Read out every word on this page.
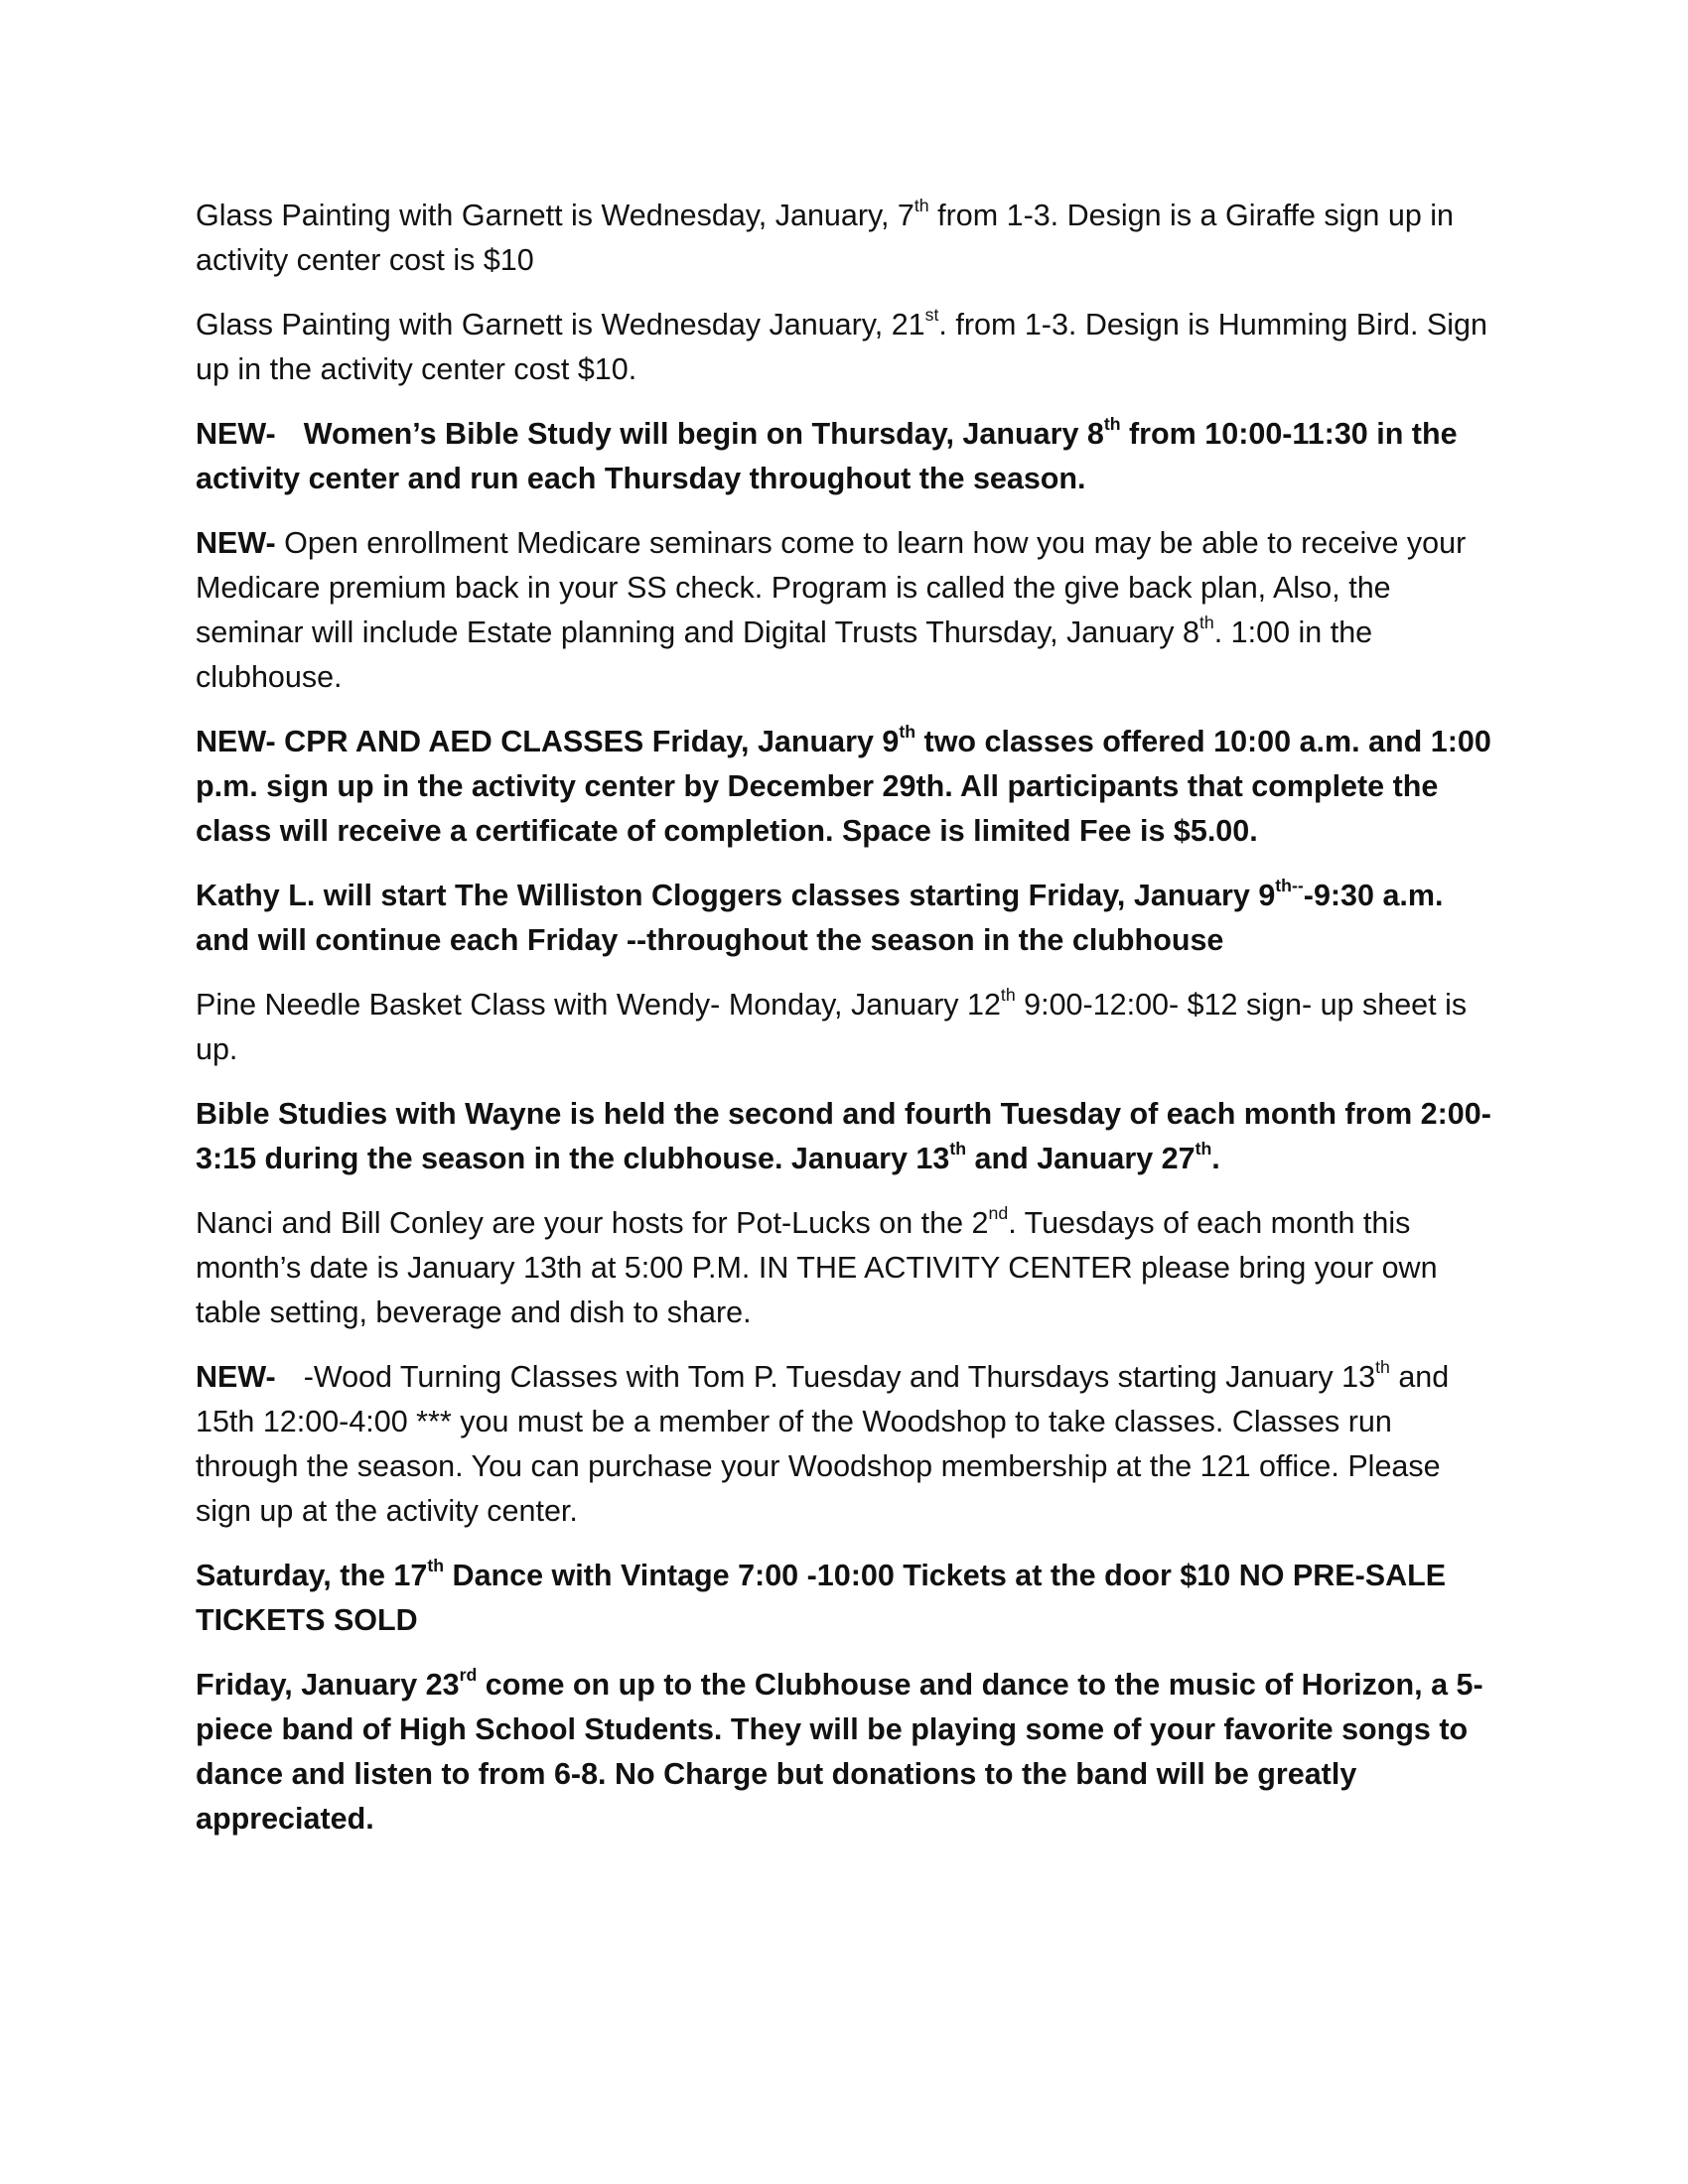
Glass Painting with Garnett is Wednesday, January, 7th from 1-3. Design is a Giraffe sign up in activity center cost is $10

Glass Painting with Garnett is Wednesday January, 21st. from 1-3. Design is Humming Bird. Sign up in the activity center cost $10.

NEW- Women’s Bible Study will begin on Thursday, January 8th from 10:00-11:30 in the activity center and run each Thursday throughout the season.

NEW- Open enrollment Medicare seminars come to learn how you may be able to receive your Medicare premium back in your SS check. Program is called the give back plan, Also, the seminar will include Estate planning and Digital Trusts Thursday, January 8th. 1:00 in the clubhouse.

NEW- CPR AND AED CLASSES Friday, January 9th two classes offered 10:00 a.m. and 1:00 p.m. sign up in the activity center by December 29th. All participants that complete the class will receive a certificate of completion. Space is limited Fee is $5.00.

Kathy L. will start The Williston Cloggers classes starting Friday, January $9^{th--}-9:30$ a.m. and will continue each Friday --throughout the season in the clubhouse

Pine Needle Basket Class with Wendy- Monday, January 12th 9:00-12:00- $12 sign- up sheet is up.

Bible Studies with Wayne is held the second and fourth Tuesday of each month from 2:00-3:15 during the season in the clubhouse. January 13th and January 27th.

Nanci and Bill Conley are your hosts for Pot-Lucks on the 2nd. Tuesdays of each month this month’s date is January 13th at 5:00 P.M. IN THE ACTIVITY CENTER please bring your own table setting, beverage and dish to share.

NEW- -Wood Turning Classes with Tom P. Tuesday and Thursdays starting January 13th and 15th 12:00-4:00 *** you must be a member of the Woodshop to take classes. Classes run through the season. You can purchase your Woodshop membership at the 121 office. Please sign up at the activity center.

Saturday, the 17th Dance with Vintage 7:00 -10:00 Tickets at the door $10 NO PRE-SALE TICKETS SOLD

Friday, January 23rd come on up to the Clubhouse and dance to the music of Horizon, a 5-piece band of High School Students. They will be playing some of your favorite songs to dance and listen to from 6-8. No Charge but donations to the band will be greatly appreciated.
